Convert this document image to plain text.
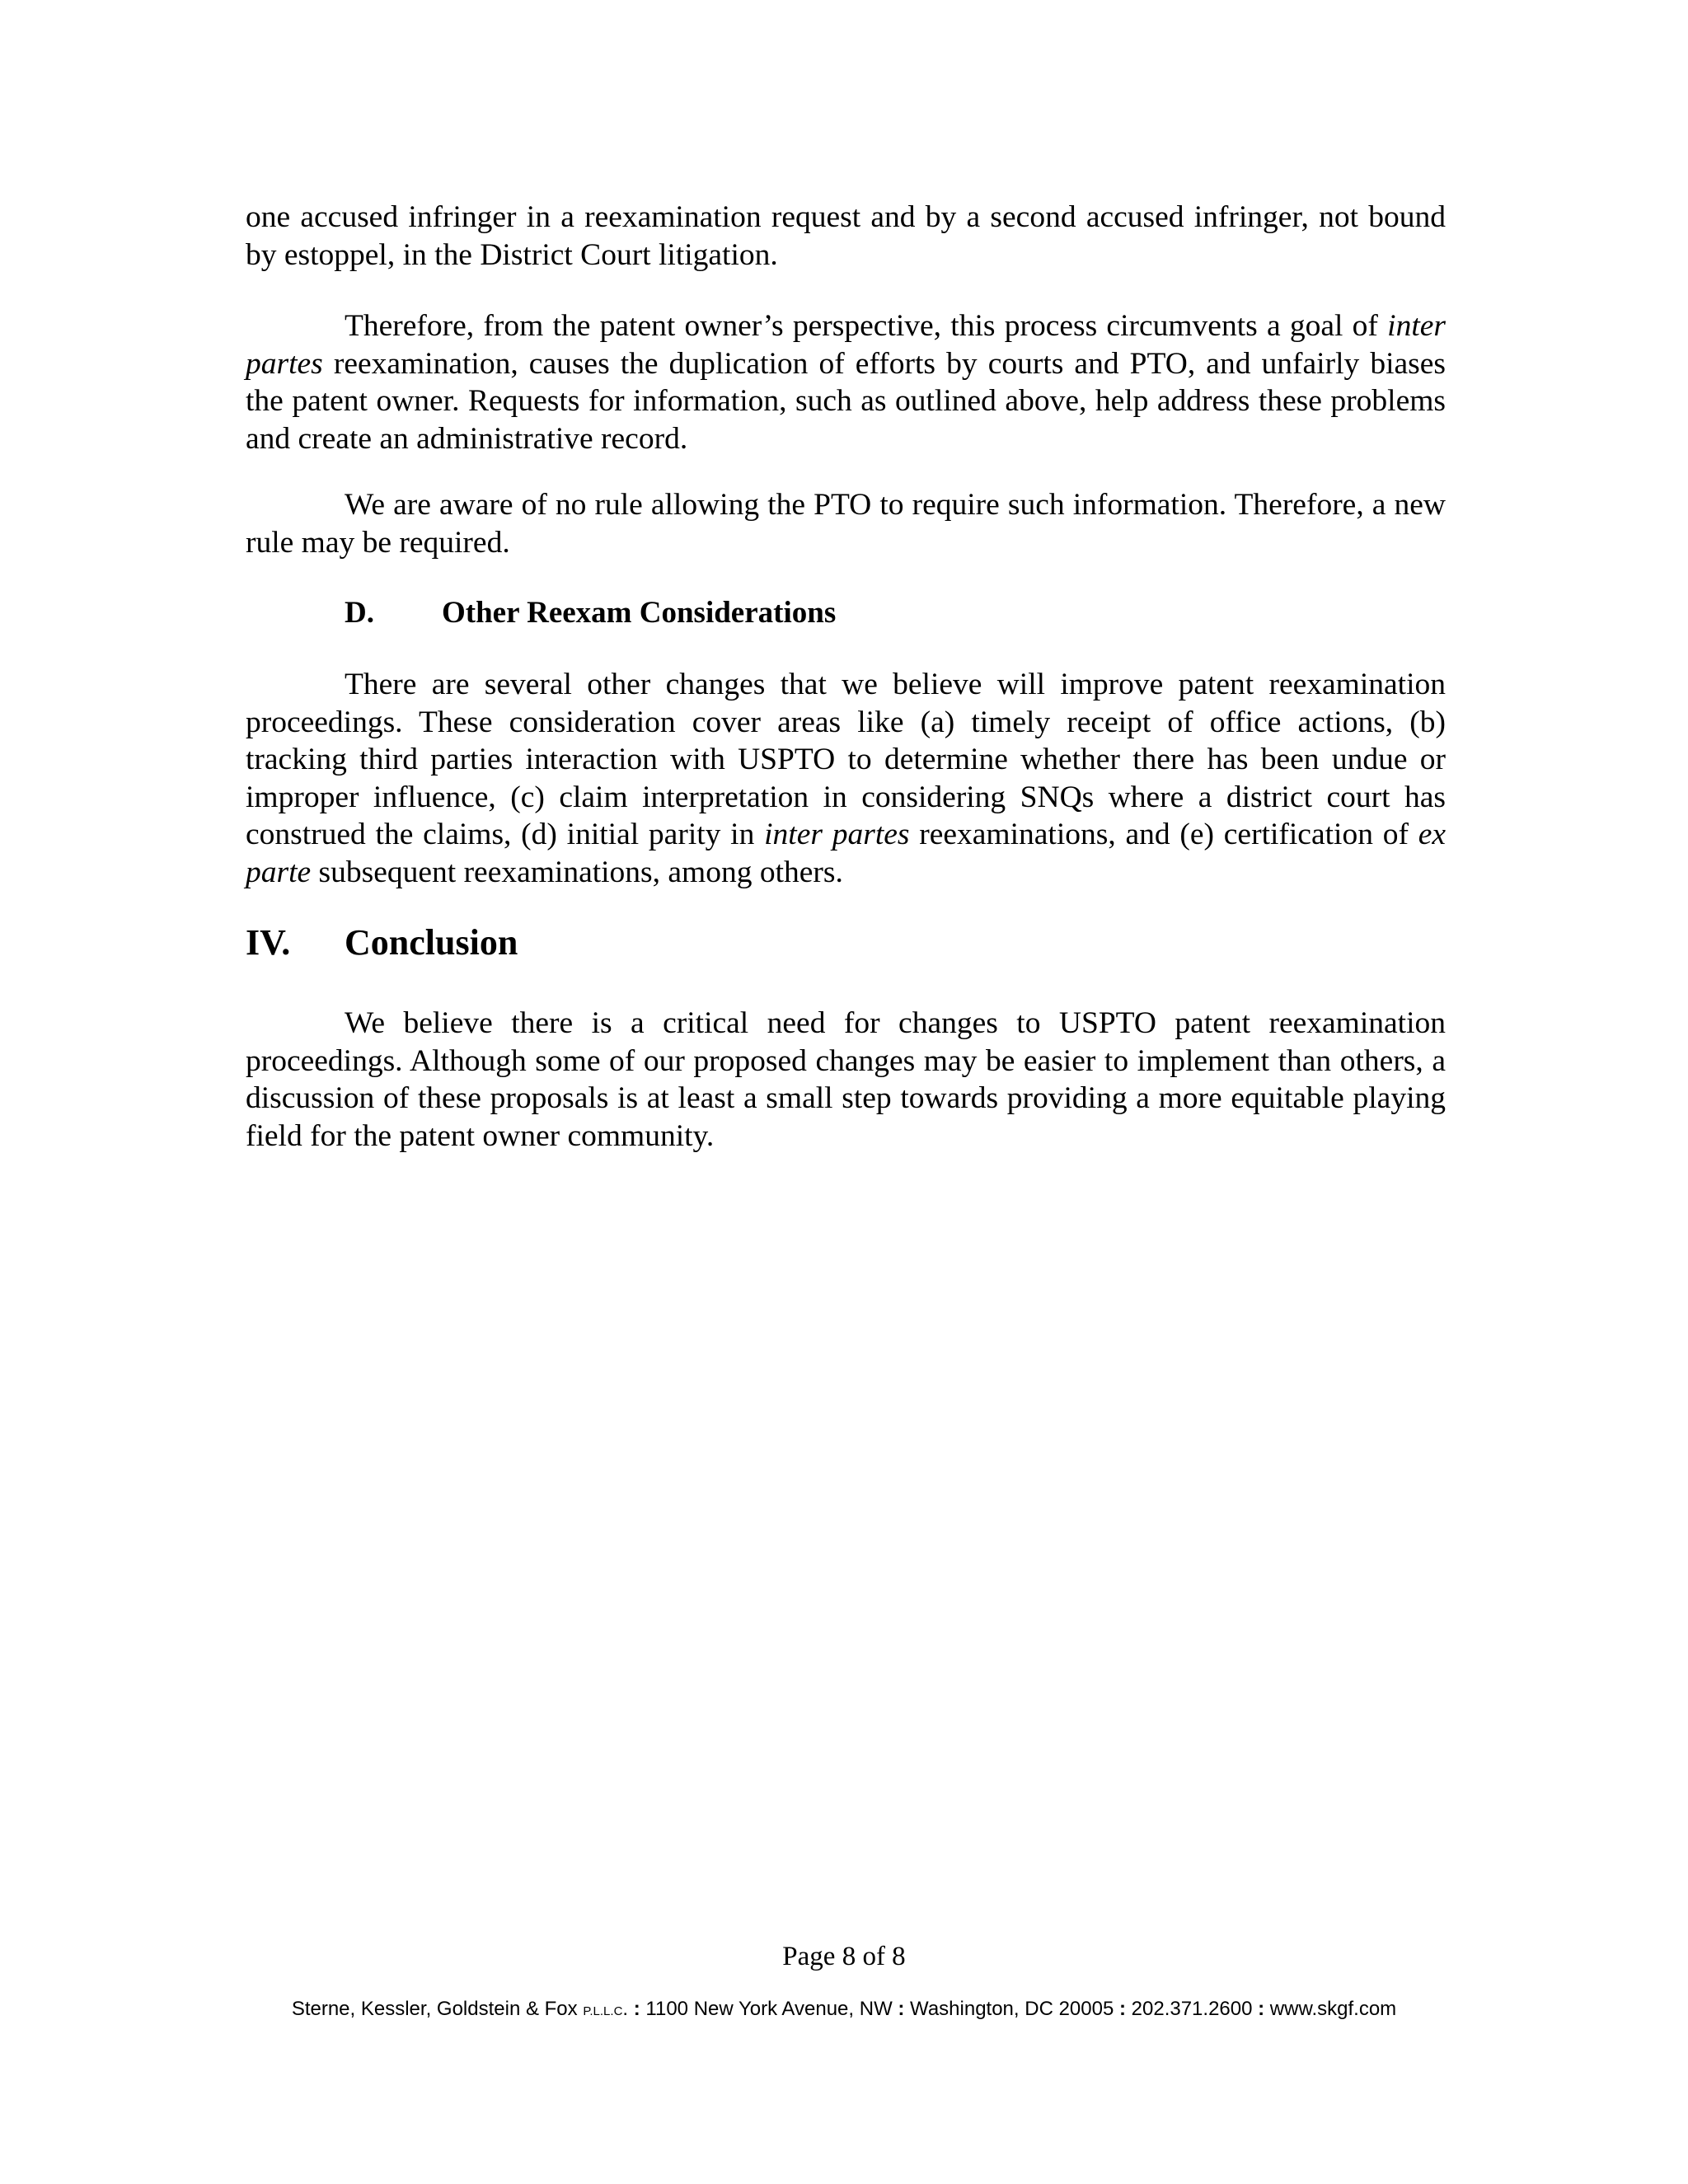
one accused infringer in a reexamination request and by a second accused infringer, not bound by estoppel, in the District Court litigation.

Therefore, from the patent owner’s perspective, this process circumvents a goal of inter partes reexamination, causes the duplication of efforts by courts and PTO, and unfairly biases the patent owner. Requests for information, such as outlined above, help address these problems and create an administrative record.

We are aware of no rule allowing the PTO to require such information. Therefore, a new rule may be required.

D. Other Reexam Considerations

There are several other changes that we believe will improve patent reexamination proceedings. These consideration cover areas like (a) timely receipt of office actions, (b) tracking third parties interaction with USPTO to determine whether there has been undue or improper influence, (c) claim interpretation in considering SNQs where a district court has construed the claims, (d) initial parity in inter partes reexaminations, and (e) certification of ex parte subsequent reexaminations, among others.

IV. Conclusion

We believe there is a critical need for changes to USPTO patent reexamination proceedings. Although some of our proposed changes may be easier to implement than others, a discussion of these proposals is at least a small step towards providing a more equitable playing field for the patent owner community.

Page 8 of 8

Sterne, Kessler, Goldstein & Fox P.L.L.C. : 1100 New York Avenue, NW : Washington, DC 20005 : 202.371.2600 : www.skgf.com
